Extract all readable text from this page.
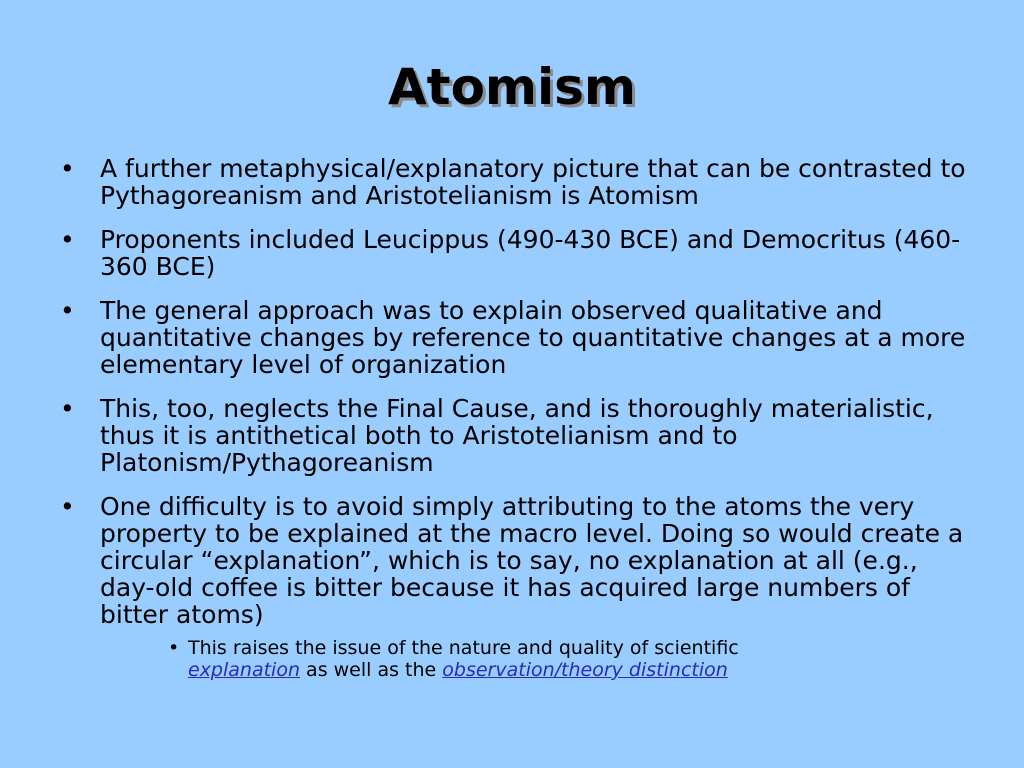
Atomism
•	A further metaphysical/explanatory picture that can be contrasted to Pythagoreanism and Aristotelianism is Atomism
•	Proponents included Leucippus (490-430 BCE) and Democritus (460-360 BCE)
•	The general approach was to explain observed qualitative and quantitative changes by reference to quantitative changes at a more elementary level of organization
•	This, too, neglects the Final Cause, and is thoroughly materialistic, thus it is antithetical both to Aristotelianism and to Platonism/Pythagoreanism
•	One difficulty is to avoid simply attributing to the atoms the very property to be explained at the macro level. Doing so would create a circular “explanation”, which is to say, no explanation at all (e.g., day-old coffee is bitter because it has acquired large numbers of bitter atoms)
• This raises the issue of the nature and quality of scientific
explanation as well as the observation/theory distinction
